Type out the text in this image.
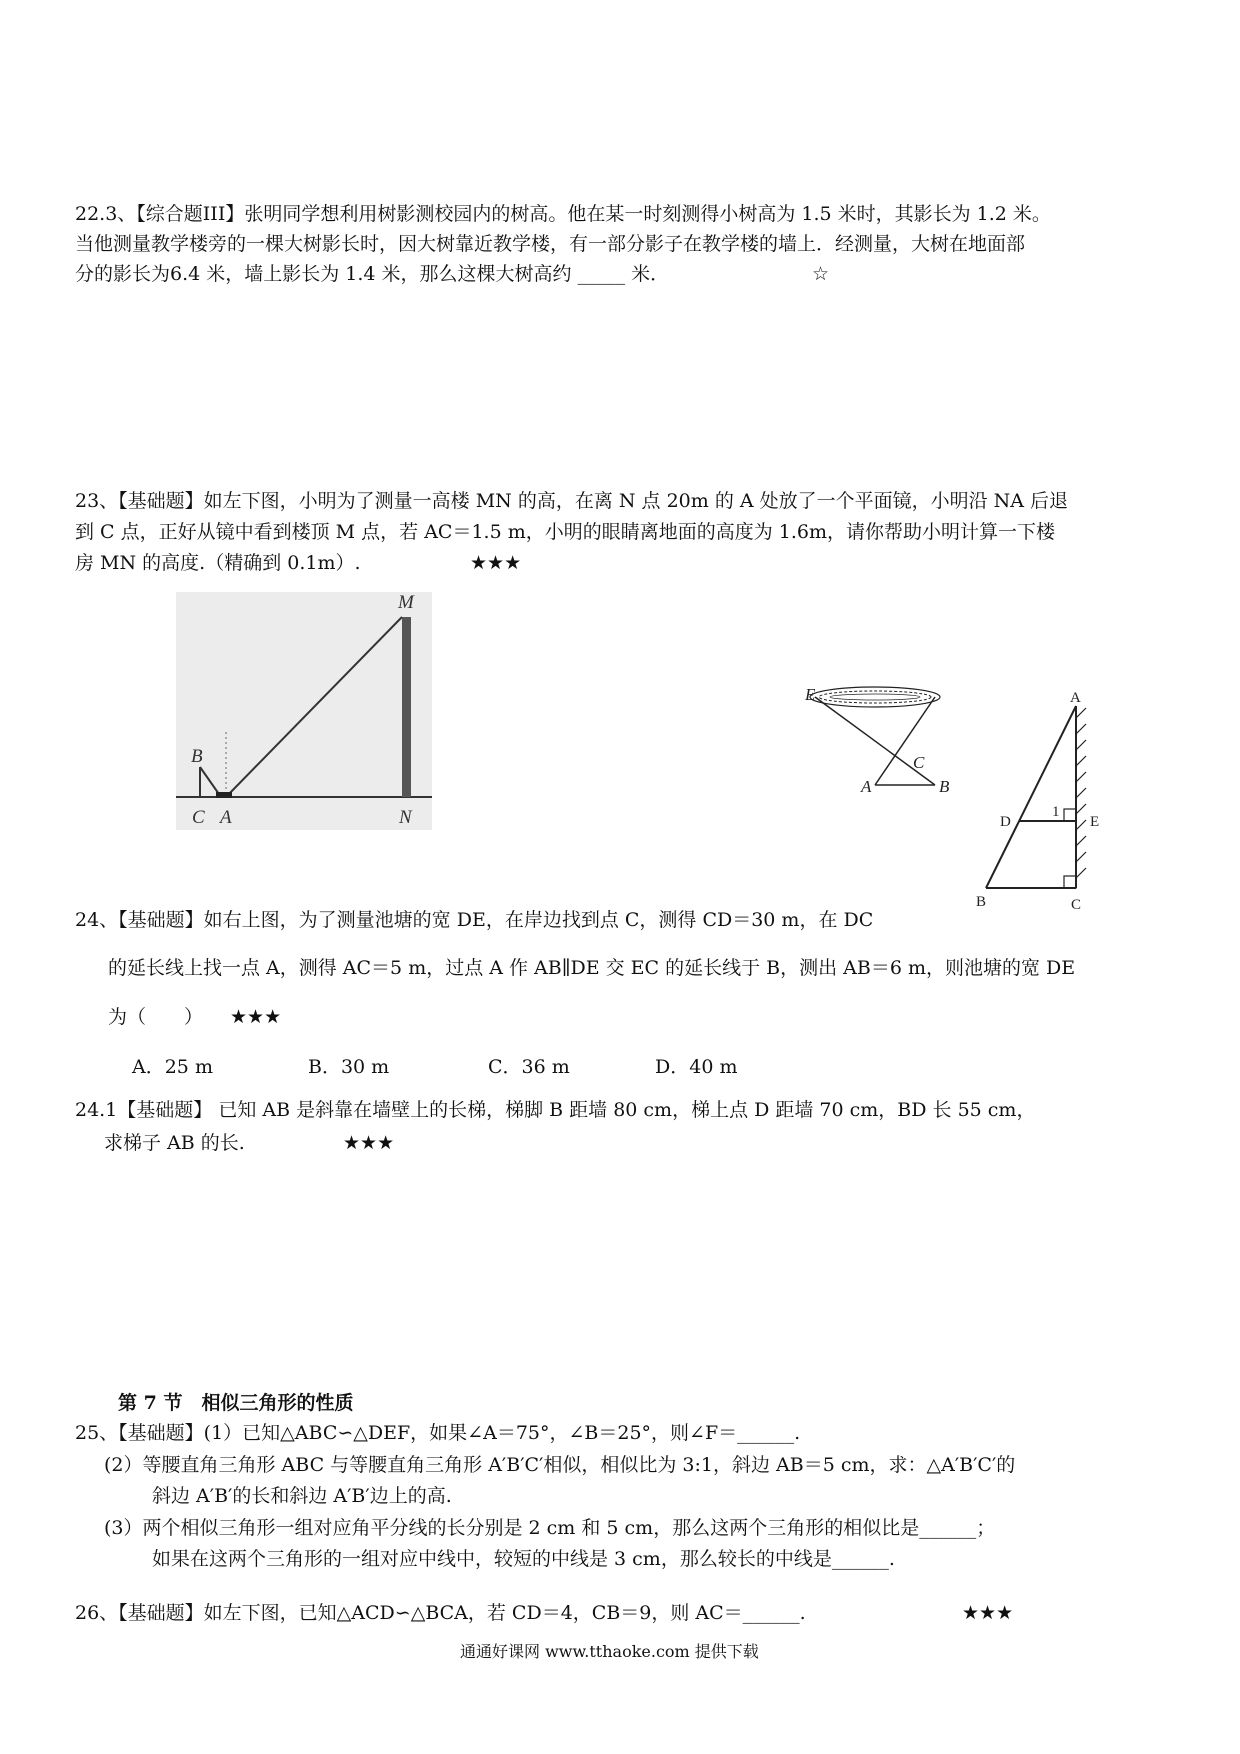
22.3、【综合题III】张明同学想利用树影测校园内的树高。他在某一时刻测得小树高为 1.5 米时，其影长为 1.2 米。
当他测量教学楼旁的一棵大树影长时，因大树靠近教学楼，有一部分影子在教学楼的墙上．经测量，大树在地面部
分的影长为6.4 米，墙上影长为 1.4 米，那么这棵大树高约 _____ 米．	☆
23、【基础题】如左下图，小明为了测量一高楼 MN 的高，在离 N 点 20m 的 A 处放了一个平面镜，小明沿 NA 后退
到 C 点，正好从镜中看到楼顶 M 点，若 AC＝1.5 m，小明的眼睛离地面的高度为 1.6m，请你帮助小明计算一下楼
房 MN 的高度.（精确到 0.1m）.	★★★
M
B
C A	N
E
C
A	B
A
D
1
E
B	C
24、【基础题】如右上图，为了测量池塘的宽 DE，在岸边找到点 C，测得 CD＝30 m，在 DC
的延长线上找一点 A，测得 AC＝5 m，过点 A 作 AB∥DE 交 EC 的延长线于 B，测出 AB＝6 m，则池塘的宽 DE
为（　　） ★★★
A．25 m	B．30 m	C．36 m	D．40 m
24.1【基础题】 已知 AB 是斜靠在墙壁上的长梯，梯脚 B 距墙 80 cm，梯上点 D 距墙 70 cm，BD 长 55 cm，
求梯子 AB 的长.	★★★
第 7 节　相似三角形的性质
25、【基础题】(1）已知△ABC∽△DEF，如果∠A＝75°，∠B＝25°，则∠F＝______.
(2）等腰直角三角形 ABC 与等腰直角三角形 A′B′C′相似，相似比为 3:1，斜边 AB＝5 cm，求：△A′B′C′的
斜边 A′B′的长和斜边 A′B′边上的高.
(3）两个相似三角形一组对应角平分线的长分别是 2 cm 和 5 cm，那么这两个三角形的相似比是______；
如果在这两个三角形的一组对应中线中，较短的中线是 3 cm，那么较长的中线是______.
26、【基础题】如左下图，已知△ACD∽△BCA，若 CD＝4，CB＝9，则 AC＝______.	★★★
通通好课网 www.tthaoke.com 提供下载
